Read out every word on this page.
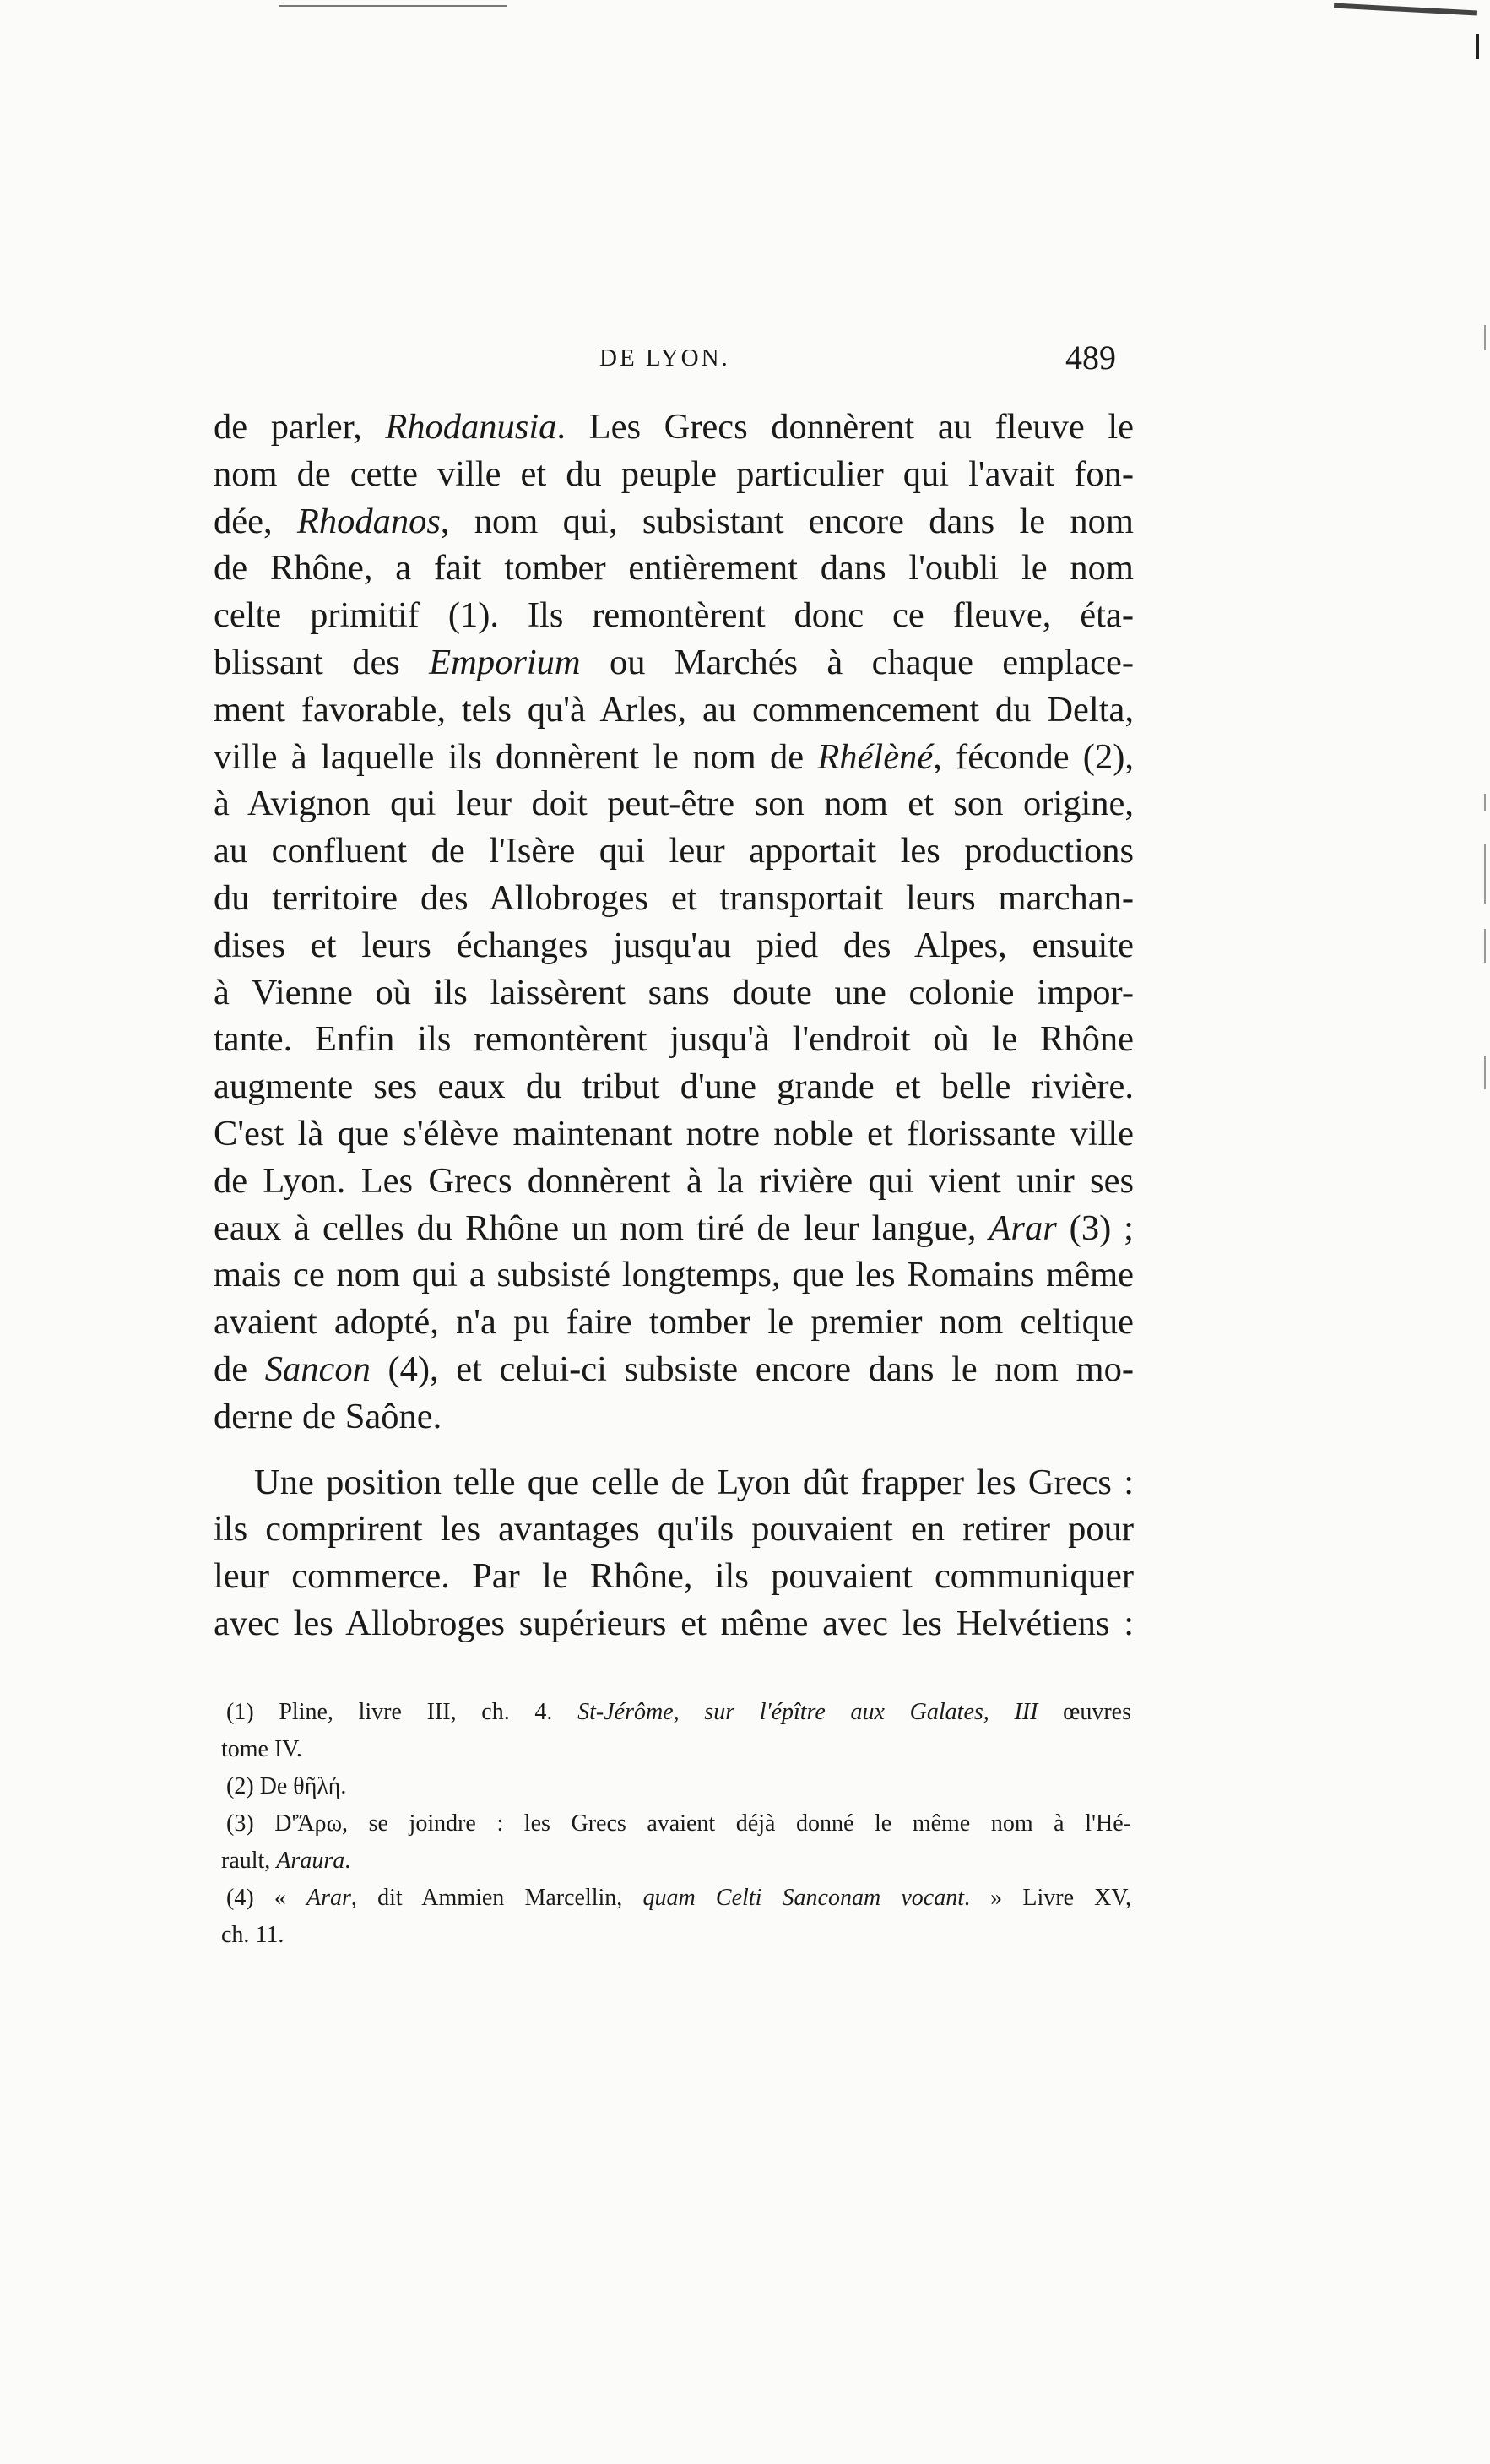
DE LYON.	489
de parler, Rhodanusia. Les Grecs donnèrent au fleuve le
nom de cette ville et du peuple particulier qui l'avait fon-
dée, Rhodanos, nom qui, subsistant encore dans le nom
de Rhône, a fait tomber entièrement dans l'oubli le nom
celte primitif (1). Ils remontèrent donc ce fleuve, éta-
blissant des Emporium ou Marchés à chaque emplace-
ment favorable, tels qu'à Arles, au commencement du Delta,
ville à laquelle ils donnèrent le nom de Rhélèné, féconde (2),
à Avignon qui leur doit peut-être son nom et son origine,
au confluent de l'Isère qui leur apportait les productions
du territoire des Allobroges et transportait leurs marchan-
dises et leurs échanges jusqu'au pied des Alpes, ensuite
à Vienne où ils laissèrent sans doute une colonie impor-
tante. Enfin ils remontèrent jusqu'à l'endroit où le Rhône
augmente ses eaux du tribut d'une grande et belle rivière.
C'est là que s'élève maintenant notre noble et florissante ville
de Lyon. Les Grecs donnèrent à la rivière qui vient unir ses
eaux à celles du Rhône un nom tiré de leur langue, Arar (3) ;
mais ce nom qui a subsisté longtemps, que les Romains même
avaient adopté, n'a pu faire tomber le premier nom celtique
de Sancon (4), et celui-ci subsiste encore dans le nom mo-
derne de Saône.
Une position telle que celle de Lyon dût frapper les Grecs :
ils comprirent les avantages qu'ils pouvaient en retirer pour
leur commerce. Par le Rhône, ils pouvaient communiquer
avec les Allobroges supérieurs et même avec les Helvétiens :
(1) Pline, livre III, ch. 4. St-Jérôme, sur l'épître aux Galates, III œuvres
tome IV.
(2) De θῆλή.
(3) D'Ἄρω, se joindre : les Grecs avaient déjà donné le même nom à l'Hé-
rault, Araura.
(4) « Arar, dit Ammien Marcellin, quam Celti Sanconam vocant. » Livre XV,
ch. 11.
